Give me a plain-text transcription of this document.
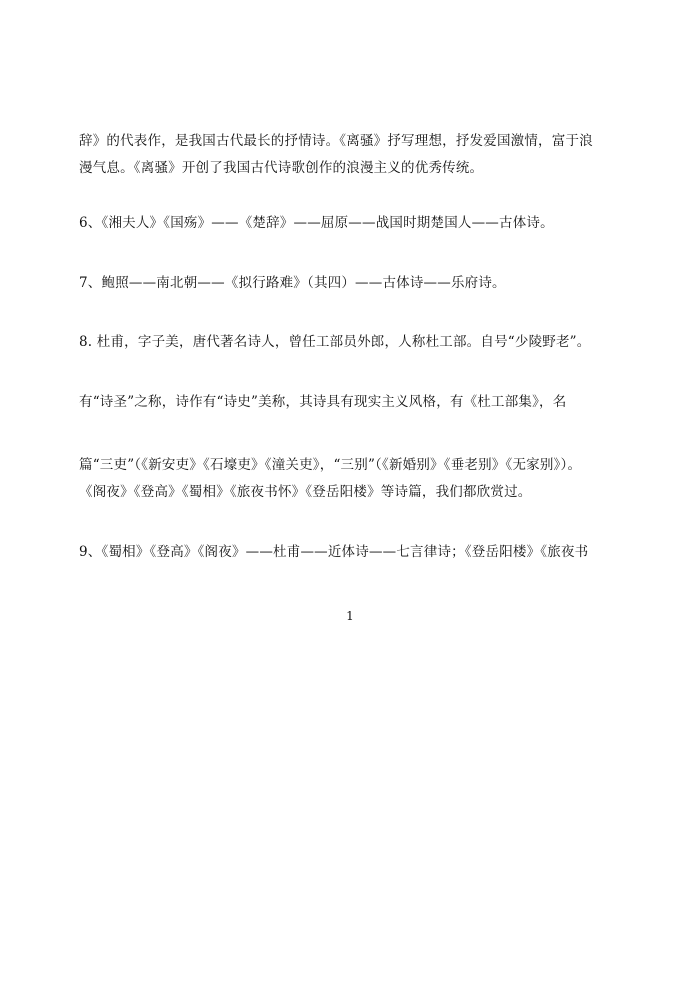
辞》的代表作，是我国古代最长的抒情诗。《离骚》抒写理想，抒发爱国激情，富于浪
漫气息。《离骚》开创了我国古代诗歌创作的浪漫主义的优秀传统。
6、《湘夫人》《国殇》——《楚辞》——屈原——战国时期楚国人——古体诗。
7、鲍照——南北朝——《拟行路难》（其四）——古体诗——乐府诗。
8. 杜甫，字子美，唐代著名诗人，曾任工部员外郎，人称杜工部。自号“少陵野老”。
有“诗圣”之称，诗作有“诗史”美称，其诗具有现实主义风格，有《杜工部集》，名
篇“三吏”（《新安吏》《石壕吏》《潼关吏》，“三别”（《新婚别》《垂老别》《无家别》）。
《阁夜》《登高》《蜀相》《旅夜书怀》《登岳阳楼》等诗篇，我们都欣赏过。
9、《蜀相》《登高》《阁夜》——杜甫——近体诗——七言律诗；《登岳阳楼》《旅夜书
1
